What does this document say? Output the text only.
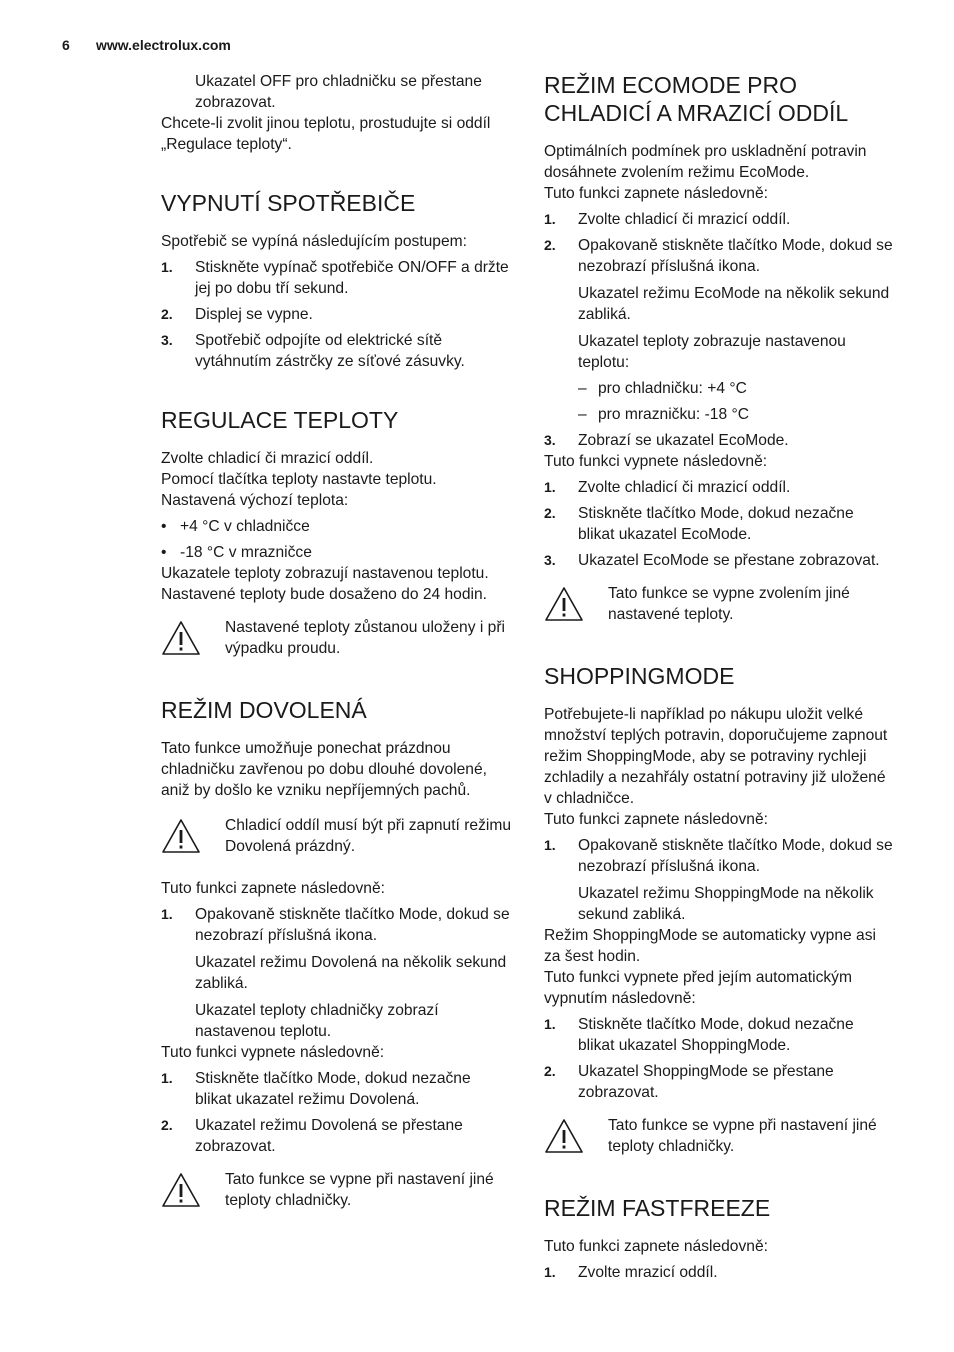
6 www.electrolux.com

Ukazatel OFF pro chladničku se přestane zobrazovat.

Chcete-li zvolit jinou teplotu, prostudujte si oddíl „Regulace teploty“.

VYPNUTÍ SPOTŘEBIČE

Spotřebič se vypíná následujícím postupem:

1.	Stiskněte vypínač spotřebiče ON/OFF a držte jej po dobu tří sekund.
2.	Displej se vypne.
3.	Spotřebič odpojíte od elektrické sítě vytáhnutím zástrčky ze síťové zásuvky.
REGULACE TEPLOTY

Zvolte chladicí či mrazicí oddíl.

Pomocí tlačítka teploty nastavte teplotu.

Nastavená výchozí teplota:

• +4 °C v chladničce
• -18 °C v mrazničce

Ukazatele teploty zobrazují nastavenou teplotu.

Nastavené teploty bude dosaženo do 24 hodin.

Nastavené teploty zůstanou uloženy i při výpadku proudu.
REŽIM DOVOLENÁ

Tato funkce umožňuje ponechat prázdnou chladničku zavřenou po dobu dlouhé dovolené, aniž by došlo ke vzniku nepříjemných pachů.

Chladicí oddíl musí být při zapnutí režimu Dovolená prázdný.

Tuto funkci zapnete následovně:

1.	Opakovaně stiskněte tlačítko Mode, dokud se nezobrazí příslušná ikona.

Ukazatel režimu Dovolená na několik sekund zabliká.

Ukazatel teploty chladničky zobrazí nastavenou teplotu.

Tuto funkci vypnete následovně:

1.	Stiskněte tlačítko Mode, dokud nezačne blikat ukazatel režimu Dovolená.
2.	Ukazatel režimu Dovolená se přestane zobrazovat.
Tato funkce se vypne při nastavení jiné teploty chladničky.
REŽIM ECOMODE PRO CHLADICÍ A MRAZICÍ ODDÍL

Optimálních podmínek pro uskladnění potravin dosáhnete zvolením režimu EcoMode.

Tuto funkci zapnete následovně:

1.	Zvolte chladicí či mrazicí oddíl.
2.	Opakovaně stiskněte tlačítko Mode, dokud se nezobrazí příslušná ikona.

Ukazatel režimu EcoMode na několik sekund zabliká.

Ukazatel teploty zobrazuje nastavenou teplotu:

– pro chladničku: +4 °C
– pro mrazničku: -18 °C
3.	Zobrazí se ukazatel EcoMode.

Tuto funkci vypnete následovně:

1.	Zvolte chladicí či mrazicí oddíl.
2.	Stiskněte tlačítko Mode, dokud nezačne blikat ukazatel EcoMode.
3.	Ukazatel EcoMode se přestane zobrazovat.
Tato funkce se vypne zvolením jiné nastavené teploty.
SHOPPINGMODE

Potřebujete-li například po nákupu uložit velké množství teplých potravin, doporučujeme zapnout režim ShoppingMode, aby se potraviny rychleji zchladily a nezahřály ostatní potraviny již uložené v chladničce.

Tuto funkci zapnete následovně:

1.	Opakovaně stiskněte tlačítko Mode, dokud se nezobrazí příslušná ikona.

Ukazatel režimu ShoppingMode na několik sekund zabliká.

Režim ShoppingMode se automaticky vypne asi za šest hodin.

Tuto funkci vypnete před jejím automatickým vypnutím následovně:

1.	Stiskněte tlačítko Mode, dokud nezačne blikat ukazatel ShoppingMode.
2.	Ukazatel ShoppingMode se přestane zobrazovat.
Tato funkce se vypne při nastavení jiné teploty chladničky.
REŽIM FASTFREEZE

Tuto funkci zapnete následovně:

1.	Zvolte mrazicí oddíl.
